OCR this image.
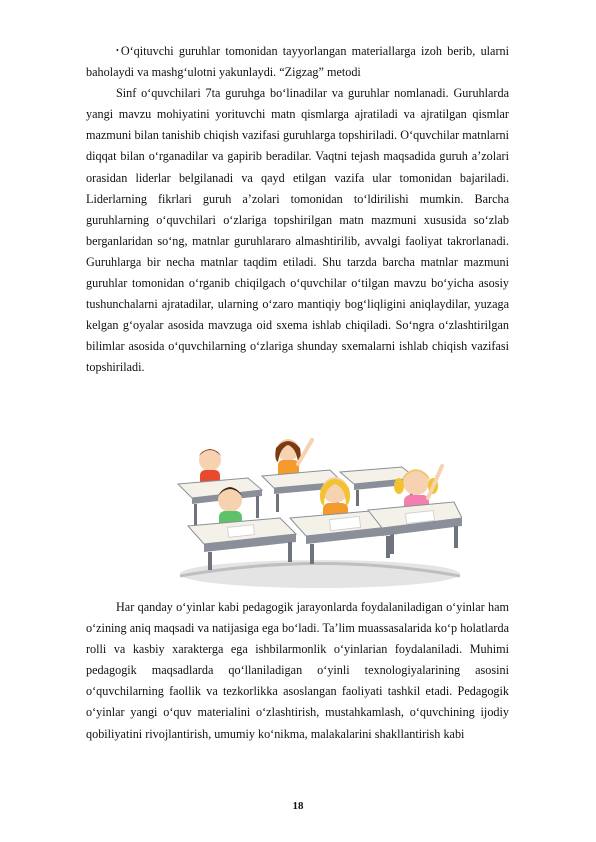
• O‘qituvchi guruhlar tomonidan tayyorlangan materiallarga izoh berib, ularni baholaydi va mashg‘ulotni yakunlaydi. “Zigzag” metodi

Sinf o‘quvchilari 7ta guruhga bo‘linadilar va guruhlar nomlanadi. Guruhlarda yangi mavzu mohiyatini yorituvchi matn qismlarga ajratiladi va ajratilgan qismlar mazmuni bilan tanishib chiqish vazifasi guruhlarga topshiriladi. O‘quvchilar matnlarni diqqat bilan o‘rganadilar va gapirib beradilar. Vaqtni tejash maqsadida guruh a’zolari orasidan liderlar belgilanadi va qayd etilgan vazifa ular tomonidan bajariladi. Liderlarning fikrlari guruh a’zolari tomonidan to‘ldirilishi mumkin. Barcha guruhlarning o‘quvchilari o‘zlariga topshirilgan matn mazmuni xususida so‘zlab berganlaridan so‘ng, matnlar guruhlararo almashtirilib, avvalgi faoliyat takrorlanadi. Guruhlarga bir necha matnlar taqdim etiladi. Shu tarzda barcha matnlar mazmuni guruhlar tomonidan o‘rganib chiqilgach o‘quvchilar o‘tilgan mavzu bo‘yicha asosiy tushunchalarni ajratadilar, ularning o‘zaro mantiqiy bog‘liqligini aniqlaydilar, yuzaga kelgan g‘oyalar asosida mavzuga oid sxema ishlab chiqiladi. So‘ngra o‘zlashtirilgan bilimlar asosida o‘quvchilarning o‘zlariga shunday sxemalarni ishlab chiqish vazifasi topshiriladi.

Har qanday o‘yinlar kabi pedagogik jarayonlarda foydalaniladigan o‘yinlar ham o‘zining aniq maqsadi va natijasiga ega bo‘ladi. Ta’lim muassasalarida ko‘p holatlarda rolli va kasbiy xarakterga ega ishbilarmonlik o‘yinlarian foydalaniladi. Muhimi pedagogik maqsadlarda qo‘llaniladigan o‘yinli texnologiyalarining asosini o‘quvchilarning faollik va tezkorlikka asoslangan faoliyati tashkil etadi. Pedagogik o‘yinlar yangi o‘quv materialini o‘zlashtirish, mustahkamlash, o‘quvchining ijodiy qobiliyatini rivojlantirish, umumiy ko‘nikma, malakalarini shakllantirish kabi

18
